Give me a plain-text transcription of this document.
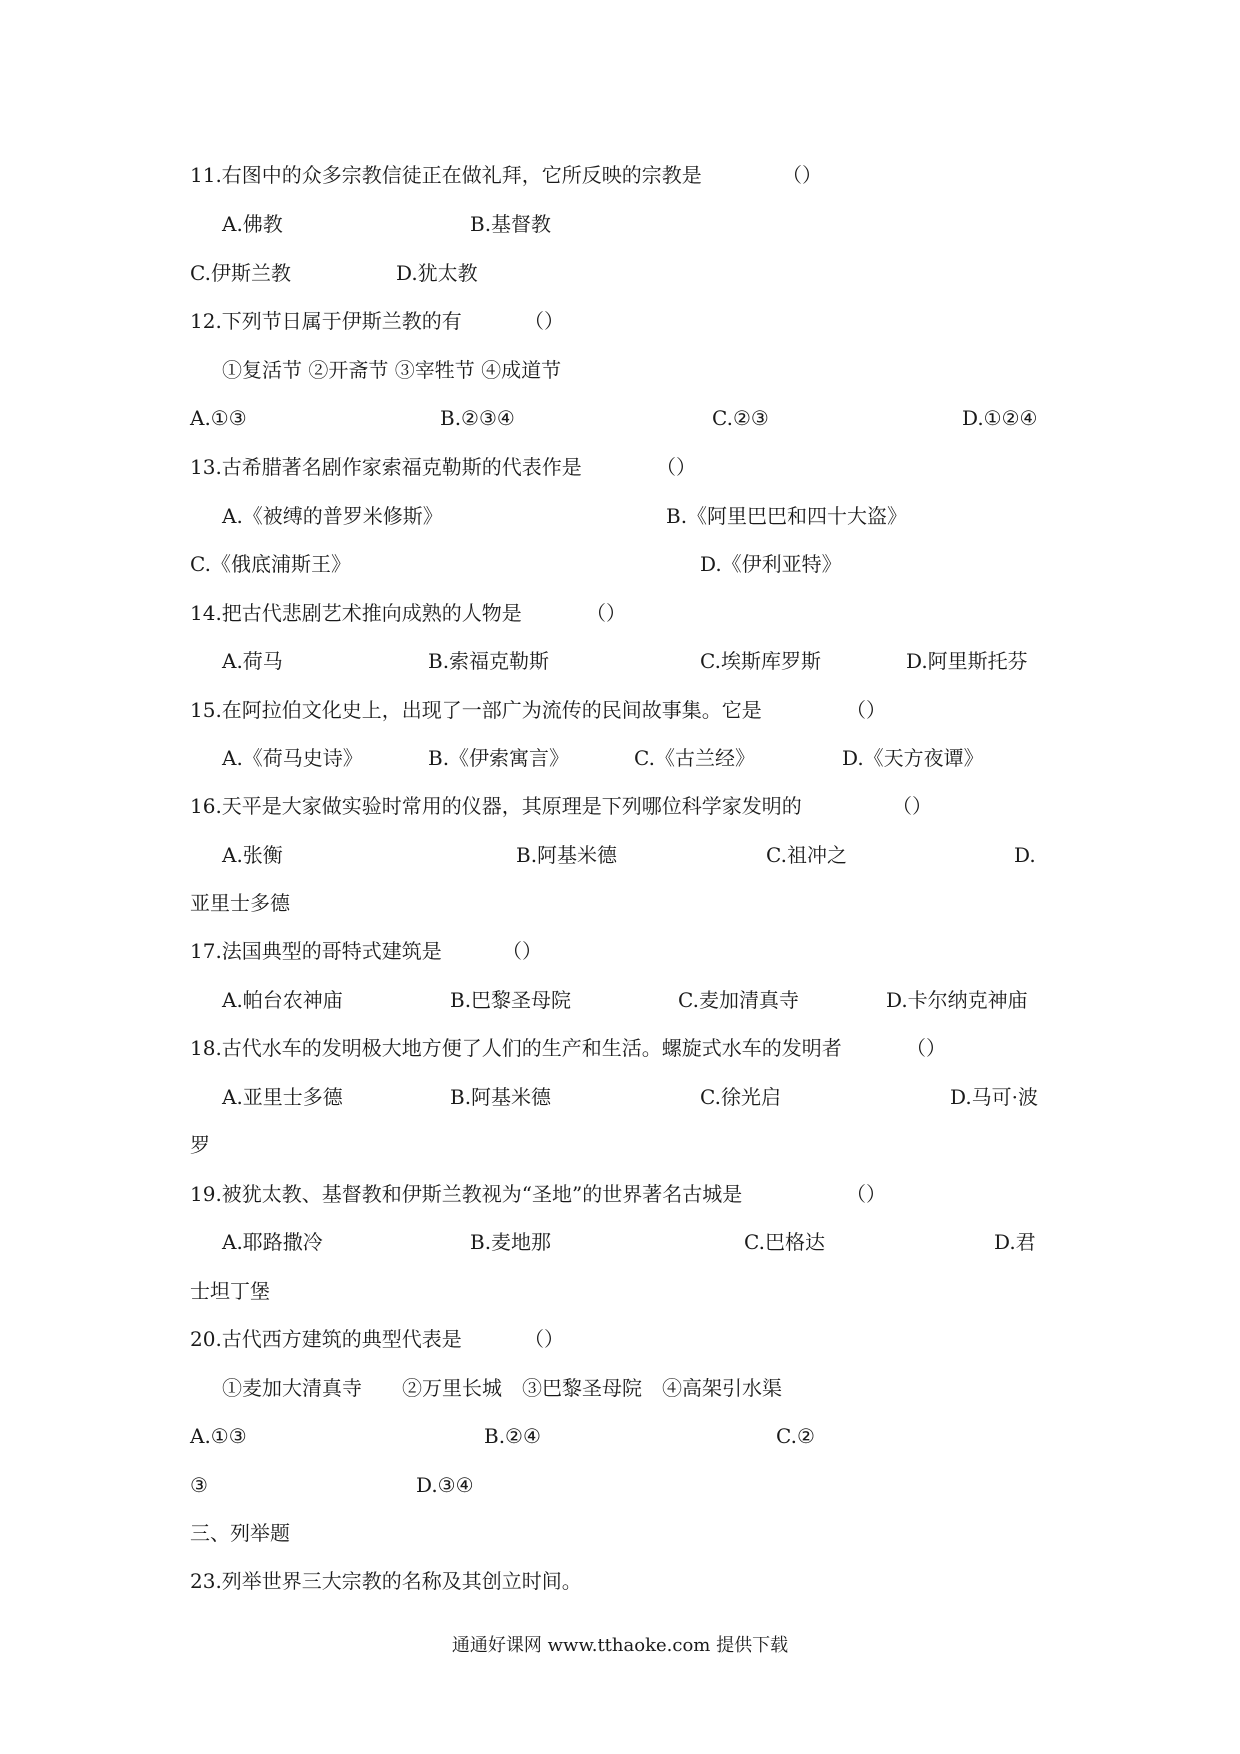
11.右图中的众多宗教信徒正在做礼拜，它所反映的宗教是	（）
A.佛教	B.基督教
C.伊斯兰教	D.犹太教
12.下列节日属于伊斯兰教的有	（）
①复活节 ②开斋节 ③宰牲节 ④成道节
A.①③	B.②③④	C.②③	D.①②④
13.古希腊著名剧作家索福克勒斯的代表作是	（）
A.《被缚的普罗米修斯》	B.《阿里巴巴和四十大盗》
C.《俄底浦斯王》	D.《伊利亚特》
14.把古代悲剧艺术推向成熟的人物是	（）
A.荷马	B.索福克勒斯	C.埃斯库罗斯	D.阿里斯托芬
15.在阿拉伯文化史上，出现了一部广为流传的民间故事集。它是	（）
A.《荷马史诗》	B.《伊索寓言》	C.《古兰经》	D.《天方夜谭》
16.天平是大家做实验时常用的仪器，其原理是下列哪位科学家发明的	（）
A.张衡	B.阿基米德	C.祖冲之	D.
亚里士多德
17.法国典型的哥特式建筑是	（）
A.帕台农神庙	B.巴黎圣母院	C.麦加清真寺	D.卡尔纳克神庙
18.古代水车的发明极大地方便了人们的生产和生活。螺旋式水车的发明者	（）
A.亚里士多德	B.阿基米德	C.徐光启	D.马可·波
罗
19.被犹太教、基督教和伊斯兰教视为“圣地”的世界著名古城是	（）
A.耶路撒冷	B.麦地那	C.巴格达	D.君
士坦丁堡
20.古代西方建筑的典型代表是	（）
①麦加大清真寺　　②万里长城　③巴黎圣母院　④高架引水渠
A.①③	B.②④	C.②
③	D.③④
三、列举题
23.列举世界三大宗教的名称及其创立时间。
通通好课网 www.tthaoke.com 提供下载
